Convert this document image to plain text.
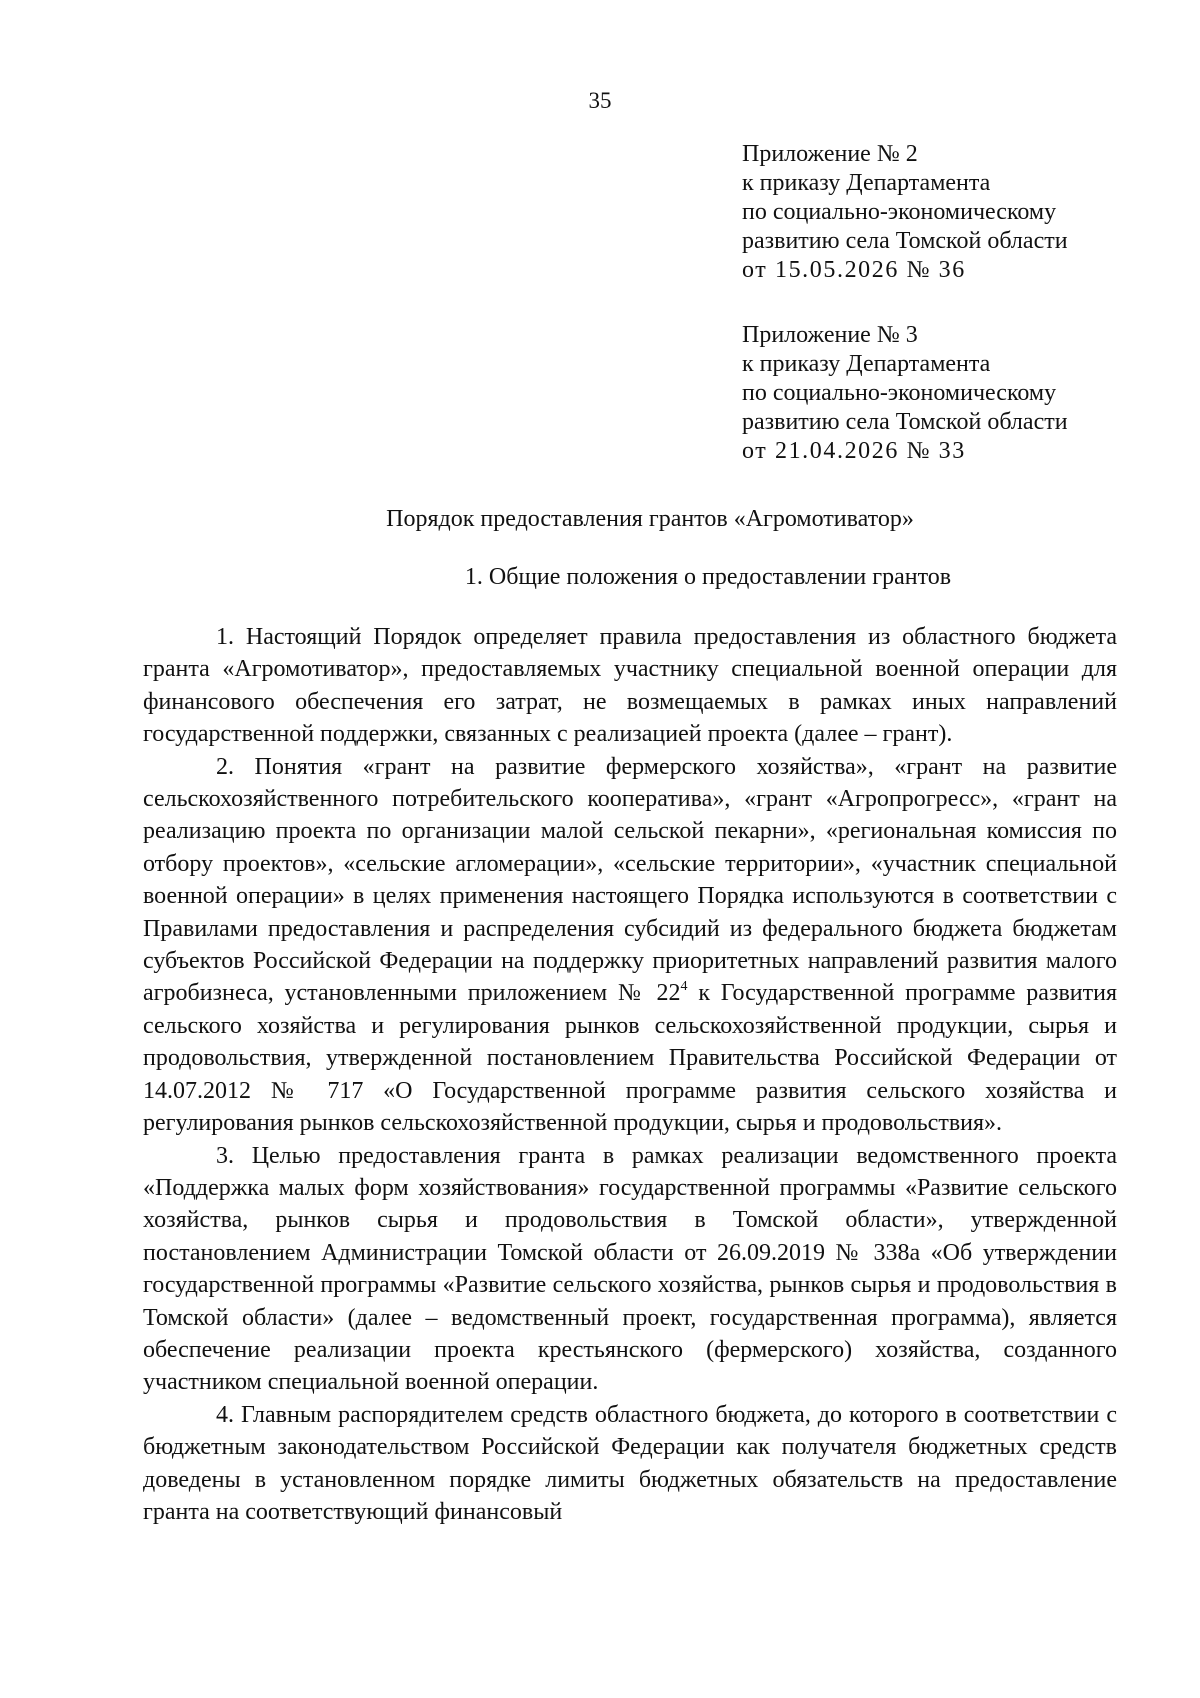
35
Приложение № 2
к приказу Департамента
по социально-экономическому
развитию села Томской области
от 15.05.2026 № 36
Приложение № 3
к приказу Департамента
по социально-экономическому
развитию села Томской области
от 21.04.2026 № 33
Порядок предоставления грантов «Агромотиватор»
1. Общие положения о предоставлении грантов

1. Настоящий Порядок определяет правила предоставления из областного бюджета гранта «Агромотиватор», предоставляемых участнику специальной военной операции для финансового обеспечения его затрат, не возмещаемых в рамках иных направлений государственной поддержки, связанных с реализацией проекта (далее – грант).

2. Понятия «грант на развитие фермерского хозяйства», «грант на развитие сельскохозяйственного потребительского кооператива», «грант «Агропрогресс», «грант на реализацию проекта по организации малой сельской пекарни», «региональная комиссия по отбору проектов», «сельские агломерации», «сельские территории», «участник специальной военной операции» в целях применения настоящего Порядка используются в соответствии с Правилами предоставления и распределения субсидий из федерального бюджета бюджетам субъектов Российской Федерации на поддержку приоритетных направлений развития малого агробизнеса, установленными приложением № $22^4$ к Государственной программе развития сельского хозяйства и регулирования рынков сельскохозяйственной продукции, сырья и продовольствия, утвержденной постановлением Правительства Российской Федерации от 14.07.2012 № 717 «О Государственной программе развития сельского хозяйства и регулирования рынков сельскохозяйственной продукции, сырья и продовольствия».

3. Целью предоставления гранта в рамках реализации ведомственного проекта «Поддержка малых форм хозяйствования» государственной программы «Развитие сельского хозяйства, рынков сырья и продовольствия в Томской области», утвержденной постановлением Администрации Томской области от 26.09.2019 № 338а «Об утверждении государственной программы «Развитие сельского хозяйства, рынков сырья и продовольствия в Томской области» (далее – ведомственный проект, государственная программа), является обеспечение реализации проекта крестьянского (фермерского) хозяйства, созданного участником специальной военной операции.

4. Главным распорядителем средств областного бюджета, до которого в соответствии с бюджетным законодательством Российской Федерации как получателя бюджетных средств доведены в установленном порядке лимиты бюджетных обязательств на предоставление гранта на соответствующий финансовый
